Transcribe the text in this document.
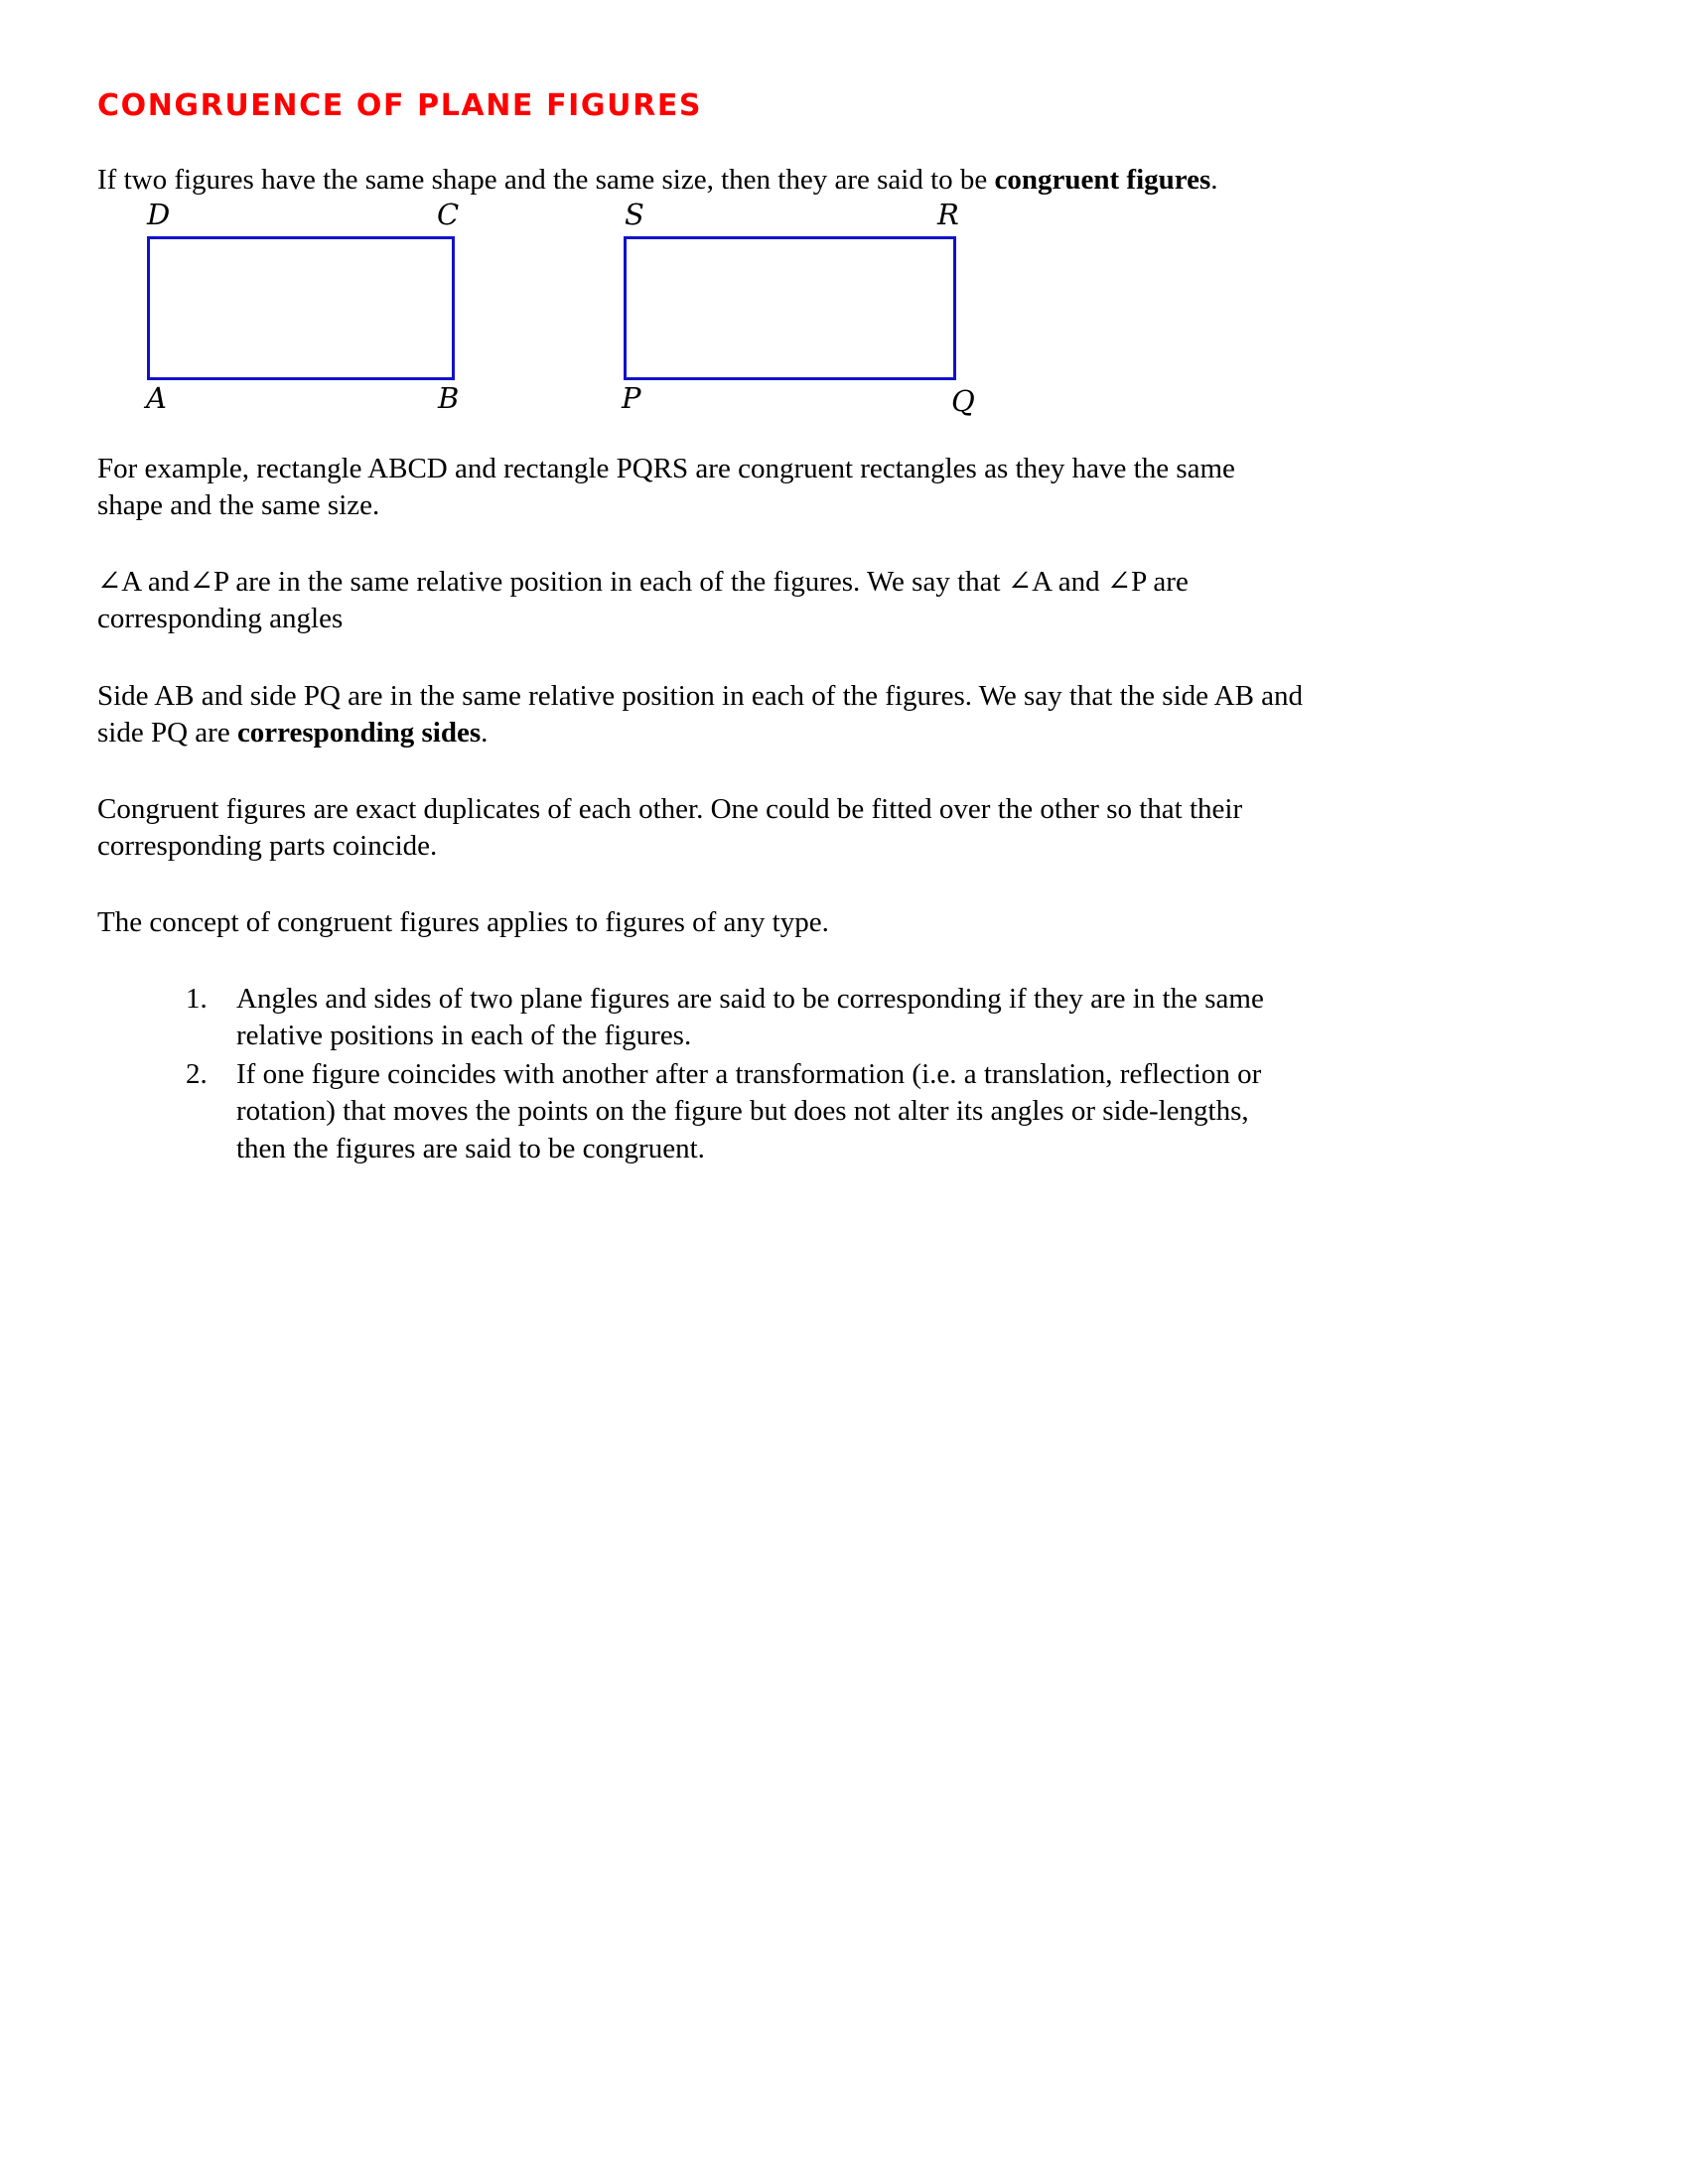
CONGRUENCE OF PLANE FIGURES

If two figures have the same shape and the same size, then they are said to be congruent figures.

D	C
A	B
S	R
P	Q

For example, rectangle ABCD and rectangle PQRS are congruent rectangles as they have the same shape and the same size.

∠A and∠P are in the same relative position in each of the figures. We say that ∠A and ∠P are corresponding angles

Side AB and side PQ are in the same relative position in each of the figures. We say that the side AB and side PQ are corresponding sides.

Congruent figures are exact duplicates of each other. One could be fitted over the other so that their corresponding parts coincide.

The concept of congruent figures applies to figures of any type.

1. Angles and sides of two plane figures are said to be corresponding if they are in the same relative positions in each of the figures.
2. If one figure coincides with another after a transformation (i.e. a translation, reflection or rotation) that moves the points on the figure but does not alter its angles or side-lengths, then the figures are said to be congruent.
